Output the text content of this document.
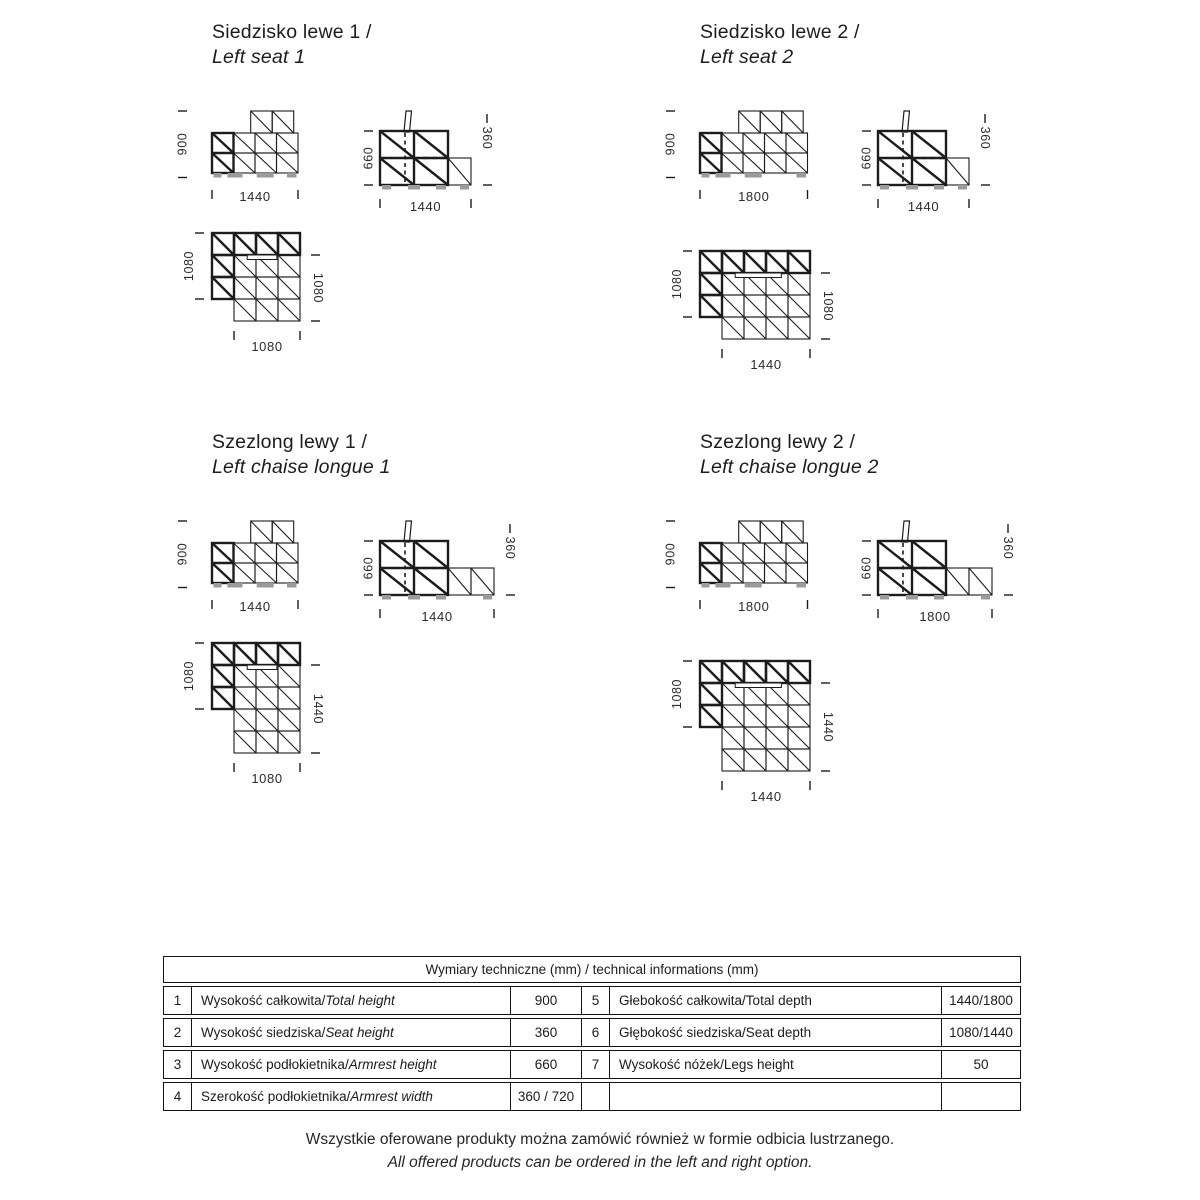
Siedzisko lewe 1 /
Left seat 1
900
1440
660
360
1440
1080
1080
1080
Siedzisko lewe 2 /
Left seat 2
900
1800
660
360
1440
1080
1080
1440
Szezlong lewy 1 /
Left chaise longue 1
900
1440
660
360
1440
1080
1440
1080
Szezlong lewy 2 /
Left chaise longue 2
900
1800
660
360
1800
1080
1440
1440
Wymiary techniczne (mm) / technical informations (mm)
1	Wysokość całkowita/ Total height	900	5	Głebokość całkowita/Total depth	1440/1800
2	Wysokość siedziska/ Seat height	360	6	Głębokość siedziska/Seat depth	1080/1440
3	Wysokość podłokietnika/ Armrest height	660	7	Wysokość nóżek/Legs height	50
4	Szerokość podłokietnika/ Armrest width	360 / 720
Wszystkie oferowane produkty można zamówić również w formie odbicia lustrzanego.
All offered products can be ordered in the left and right option.
